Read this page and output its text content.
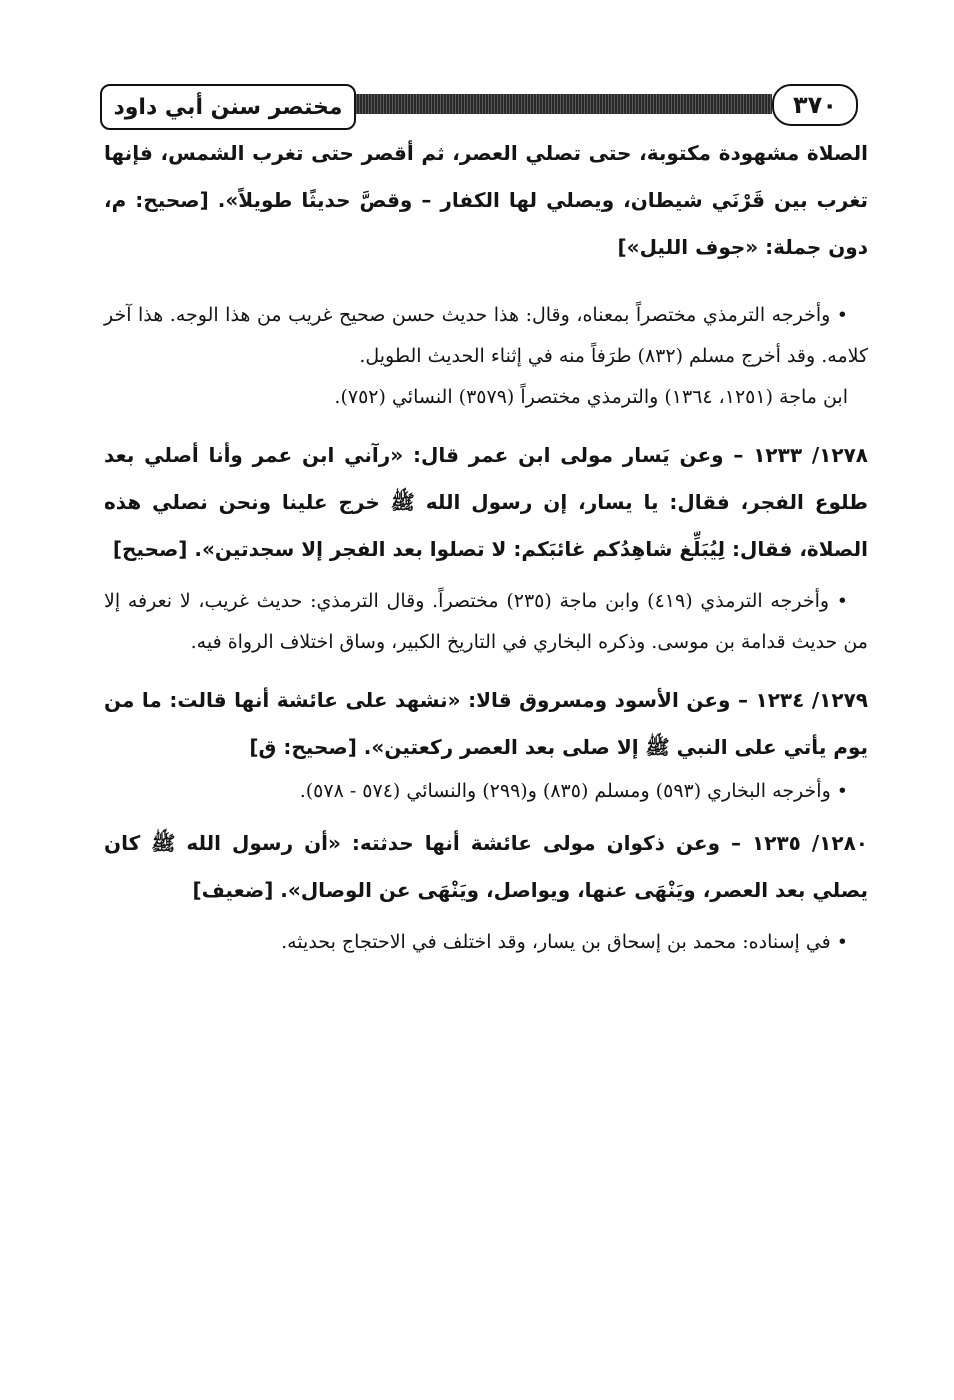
مختصر سنن أبي داود	٣٧٠

الصلاة مشهودة مكتوبة، حتى تصلي العصر، ثم أقصر حتى تغرب الشمس، فإنها تغرب بين قَرْنَي شيطان، ويصلي لها الكفار – وقصَّ حديثًا طويلاً». [صحيح: م، دون جملة: «جوف الليل»]

• وأخرجه الترمذي مختصراً بمعناه، وقال: هذا حديث حسن صحيح غريب من هذا الوجه. هذا آخر كلامه. وقد أخرج مسلم (٨٣٢) طرَفاً منه في إثناء الحديث الطويل.

ابن ماجة (١٢٥١، ١٣٦٤) والترمذي مختصراً (٣٥٧٩) النسائي (٧٥٢).

١٢٧٨/ ١٢٣٣ – وعن يَسار مولى ابن عمر قال: «رآني ابن عمر وأنا أصلي بعد طلوع الفجر، فقال: يا يسار، إن رسول الله ﷺ خرج علينا ونحن نصلي هذه الصلاة، فقال: لِيُبَلِّغ شاهِدُكم غائبَكم: لا تصلوا بعد الفجر إلا سجدتين». [صحيح]

• وأخرجه الترمذي (٤١٩) وابن ماجة (٢٣٥) مختصراً. وقال الترمذي: حديث غريب، لا نعرفه إلا من حديث قدامة بن موسى. وذكره البخاري في التاريخ الكبير، وساق اختلاف الرواة فيه.

١٢٧٩/ ١٢٣٤ – وعن الأسود ومسروق قالا: «نشهد على عائشة أنها قالت: ما من يوم يأتي على النبي ﷺ إلا صلى بعد العصر ركعتين». [صحيح: ق]

• وأخرجه البخاري (٥٩٣) ومسلم (٨٣٥) و(٢٩٩) والنسائي (٥٧٤ - ٥٧٨).

١٢٨٠/ ١٢٣٥ – وعن ذكوان مولى عائشة أنها حدثته: «أن رسول الله ﷺ كان يصلي بعد العصر، ويَنْهَى عنها، ويواصل، ويَنْهَى عن الوصال». [ضعيف]

• في إسناده: محمد بن إسحاق بن يسار، وقد اختلف في الاحتجاج بحديثه.
